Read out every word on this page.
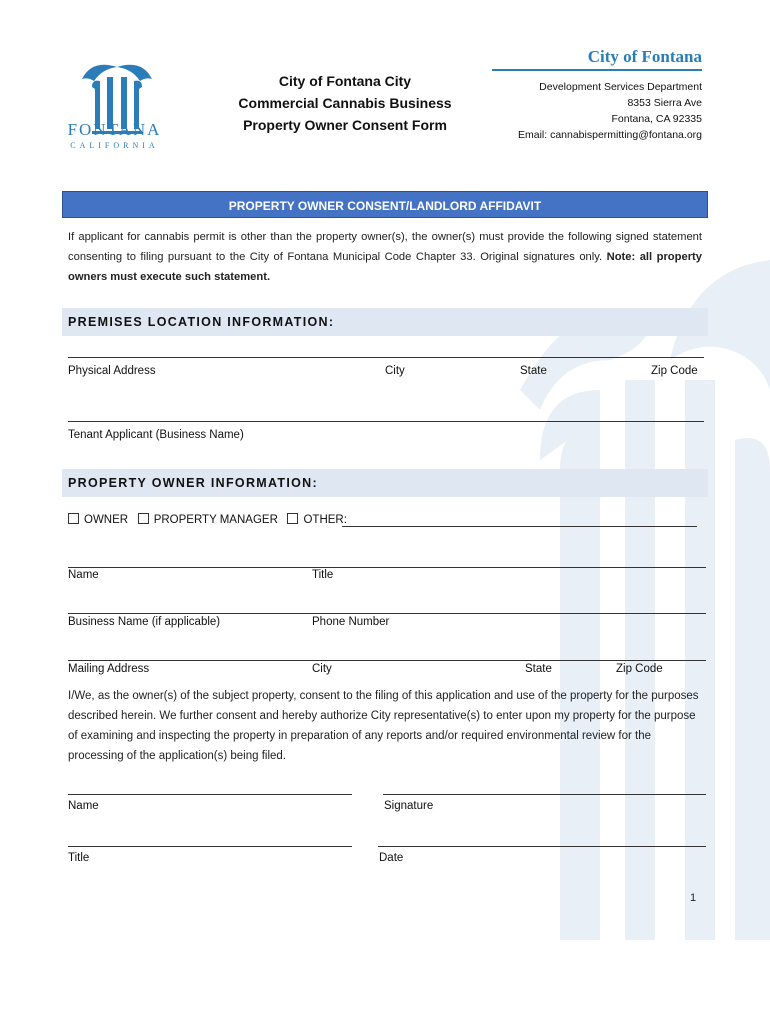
FONTANA
CALIFORNIA
City of Fontana City
Commercial Cannabis Business
Property Owner Consent Form
City of Fontana
Development Services Department
8353 Sierra Ave
Fontana, CA 92335
Email: cannabispermitting@fontana.org
PROPERTY OWNER CONSENT/LANDLORD AFFIDAVIT
If applicant for cannabis permit is other than the property owner(s), the owner(s) must provide the following signed statement consenting to filing pursuant to the City of Fontana Municipal Code Chapter 33. Original signatures only. Note: all property owners must execute such statement.
PREMISES LOCATION INFORMATION:
Physical Address	City	State	Zip Code
Tenant Applicant (Business Name)
PROPERTY OWNER INFORMATION:
OWNER PROPERTY MANAGER OTHER:
Name	Title
Business Name (if applicable)	Phone Number
Mailing Address	City	State	Zip Code
I/We, as the owner(s) of the subject property, consent to the filing of this application and use of the property for the purposes described herein. We further consent and hereby authorize City representative(s) to enter upon my property for the purpose of examining and inspecting the property in preparation of any reports and/or required environmental review for the processing of the application(s) being filed.
Name	Signature
Title	Date
1
